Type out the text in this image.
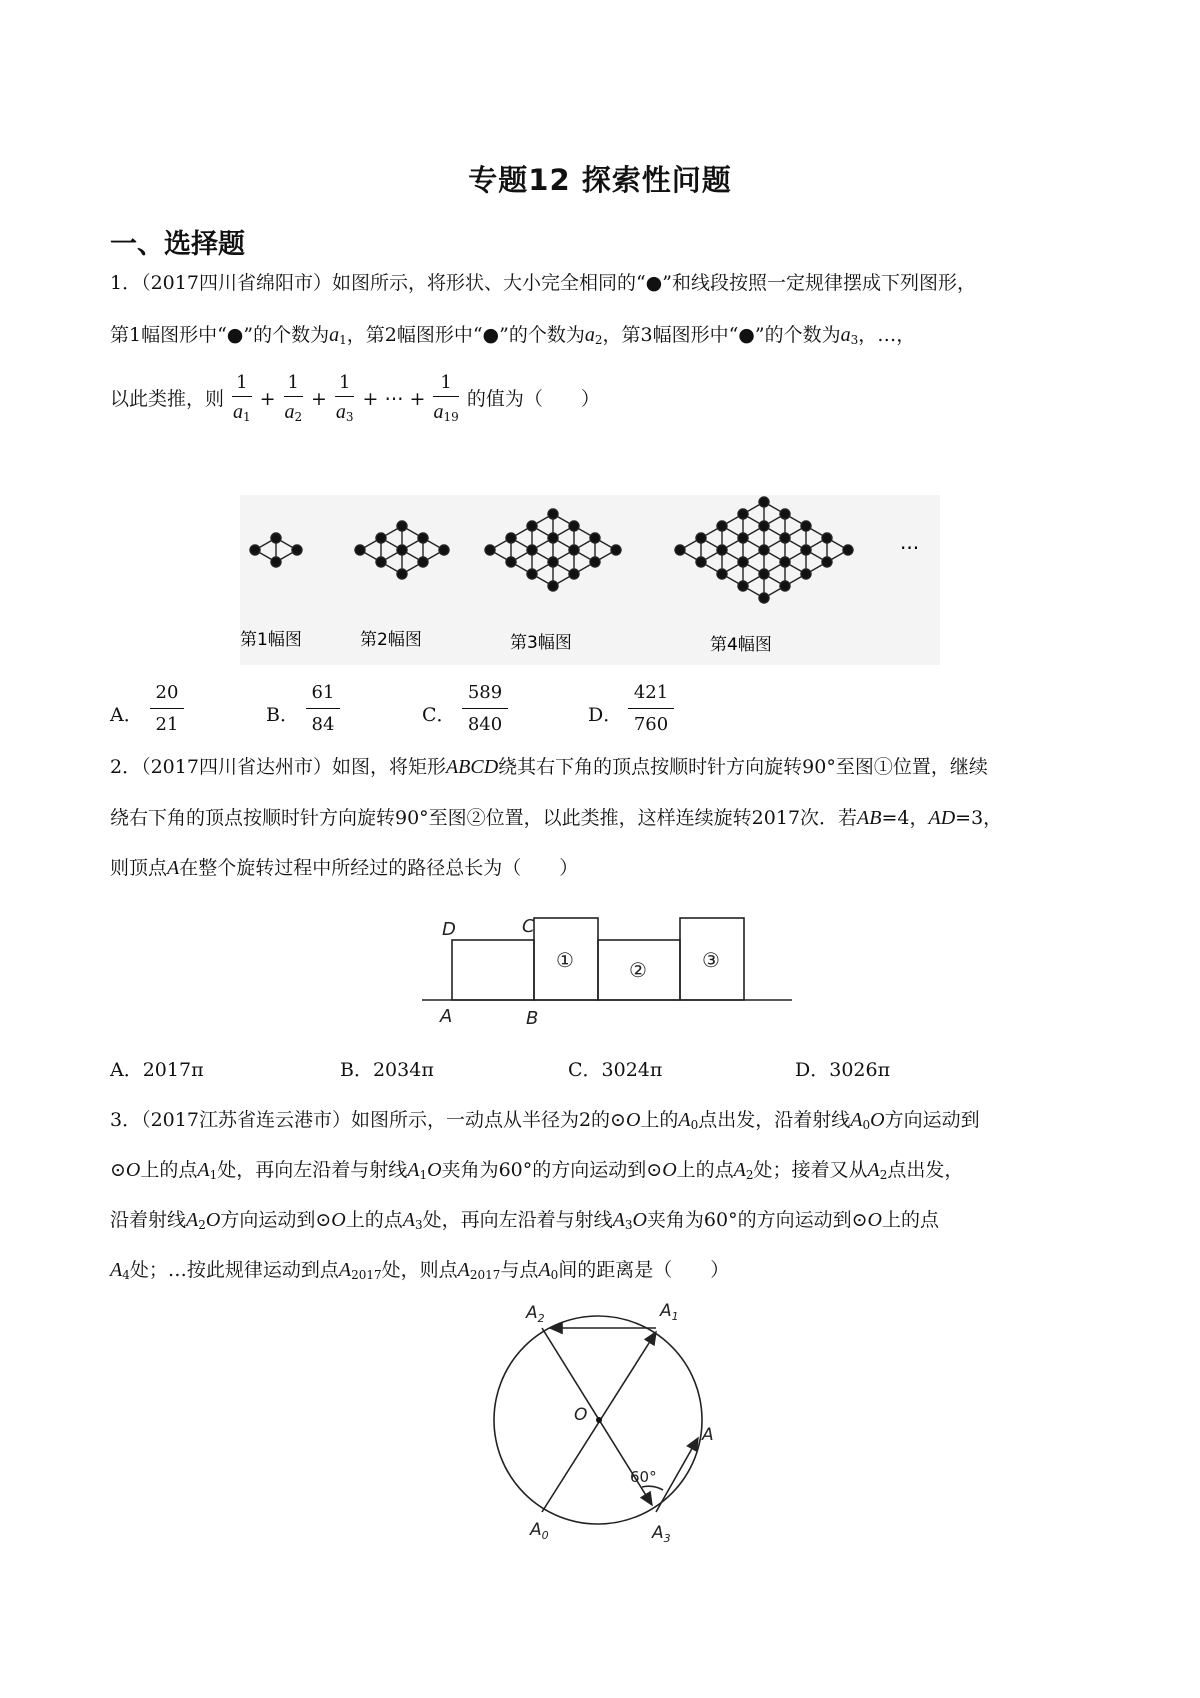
专题12 探索性问题
一、选择题
1．（2017四川省绵阳市）如图所示，将形状、大小完全相同的“●”和线段按照一定规律摆成下列图形，
第1幅图形中“●”的个数为$a_1$，第2幅图形中“●”的个数为$a_2$，第3幅图形中“●”的个数为$a_3$，…，
以此类推，则 $\frac{1}{a_1} + \frac{1}{a_2} + \frac{1}{a_3}$ + ⋯ + $\frac{1}{a_{19}}$ 的值为（　　）
第1幅图	第2幅图	第3幅图	第4幅图
···
A．
20
21	B．
61
84	C．
589
840	D．
421
760
2．（2017四川省达州市）如图，将矩形ABCD绕其右下角的顶点按顺时针方向旋转90°至图①位置，继续
绕右下角的顶点按顺时针方向旋转90°至图②位置，以此类推，这样连续旋转2017次．若AB=4，AD=3，
则顶点A在整个旋转过程中所经过的路径总长为（　　）
D	C
A	B
①	②	③
A．2017π	B．2034π	C．3024π	D．3026π
3．（2017江苏省连云港市）如图所示，一动点从半径为2的⊙O上的$A_0$点出发，沿着射线$A_0O$方向运动到
⊙O上的点$A_1$处，再向左沿着与射线$A_1O$夹角为60°的方向运动到⊙O上的点$A_2$处；接着又从$A_2$点出发，
沿着射线$A_2O$方向运动到⊙O上的点$A_3$处，再向左沿着与射线$A_3O$夹角为60°的方向运动到⊙O上的点
$A_4$处；…按此规律运动到点$A_{2017}$处，则点$A_{2017}$与点$A_0$间的距离是（　　）
$A_2$	$A_1$
O
A
$A_0$	$A_3$
60°
